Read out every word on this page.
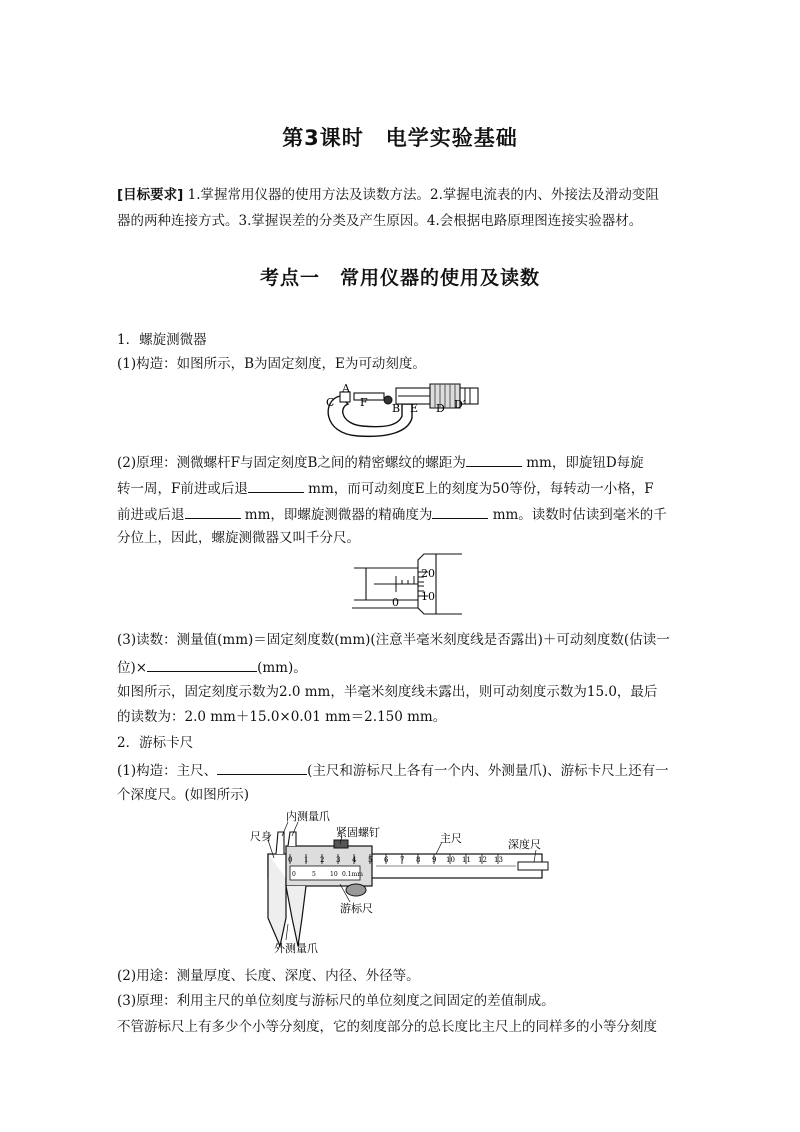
第3课时　电学实验基础
[目标要求] 1.掌握常用仪器的使用方法及读数方法。2.掌握电流表的内、外接法及滑动变阻
器的两种连接方式。3.掌握误差的分类及产生原因。4.会根据电路原理图连接实验器材。
考点一　常用仪器的使用及读数
1．螺旋测微器
(1)构造：如图所示，B为固定刻度，E为可动刻度。
A
C F B E D D′
(2)原理：测微螺杆F与固定刻度B之间的精密螺纹的螺距为	mm，即旋钮D每旋
转一周，F前进或后退	mm，而可动刻度E上的刻度为50等份，每转动一小格，F
前进或后退	mm，即螺旋测微器的精确度为	mm。读数时估读到毫米的千
分位上，因此，螺旋测微器又叫千分尺。
20
10
0
(3)读数：测量值(mm)＝固定刻度数(mm)(注意半毫米刻度线是否露出)＋可动刻度数(估读一
位)×	(mm)。
如图所示，固定刻度示数为2.0 mm，半毫米刻度线未露出，则可动刻度示数为15.0，最后
的读数为：2.0 mm＋15.0×0.01 mm＝2.150 mm。
2．游标卡尺
(1)构造：主尺、	(主尺和游标尺上各有一个内、外测量爪)、游标卡尺上还有一
个深度尺。(如图所示)
0 1 2 3 4 5 6 7 8 9 10 11 12 13
0	5 10 0.1mm
内测量爪
尺身	紧固螺钉	主尺	深度尺
游标尺
外测量爪
(2)用途：测量厚度、长度、深度、内径、外径等。
(3)原理：利用主尺的单位刻度与游标尺的单位刻度之间固定的差值制成。
不管游标尺上有多少个小等分刻度，它的刻度部分的总长度比主尺上的同样多的小等分刻度
